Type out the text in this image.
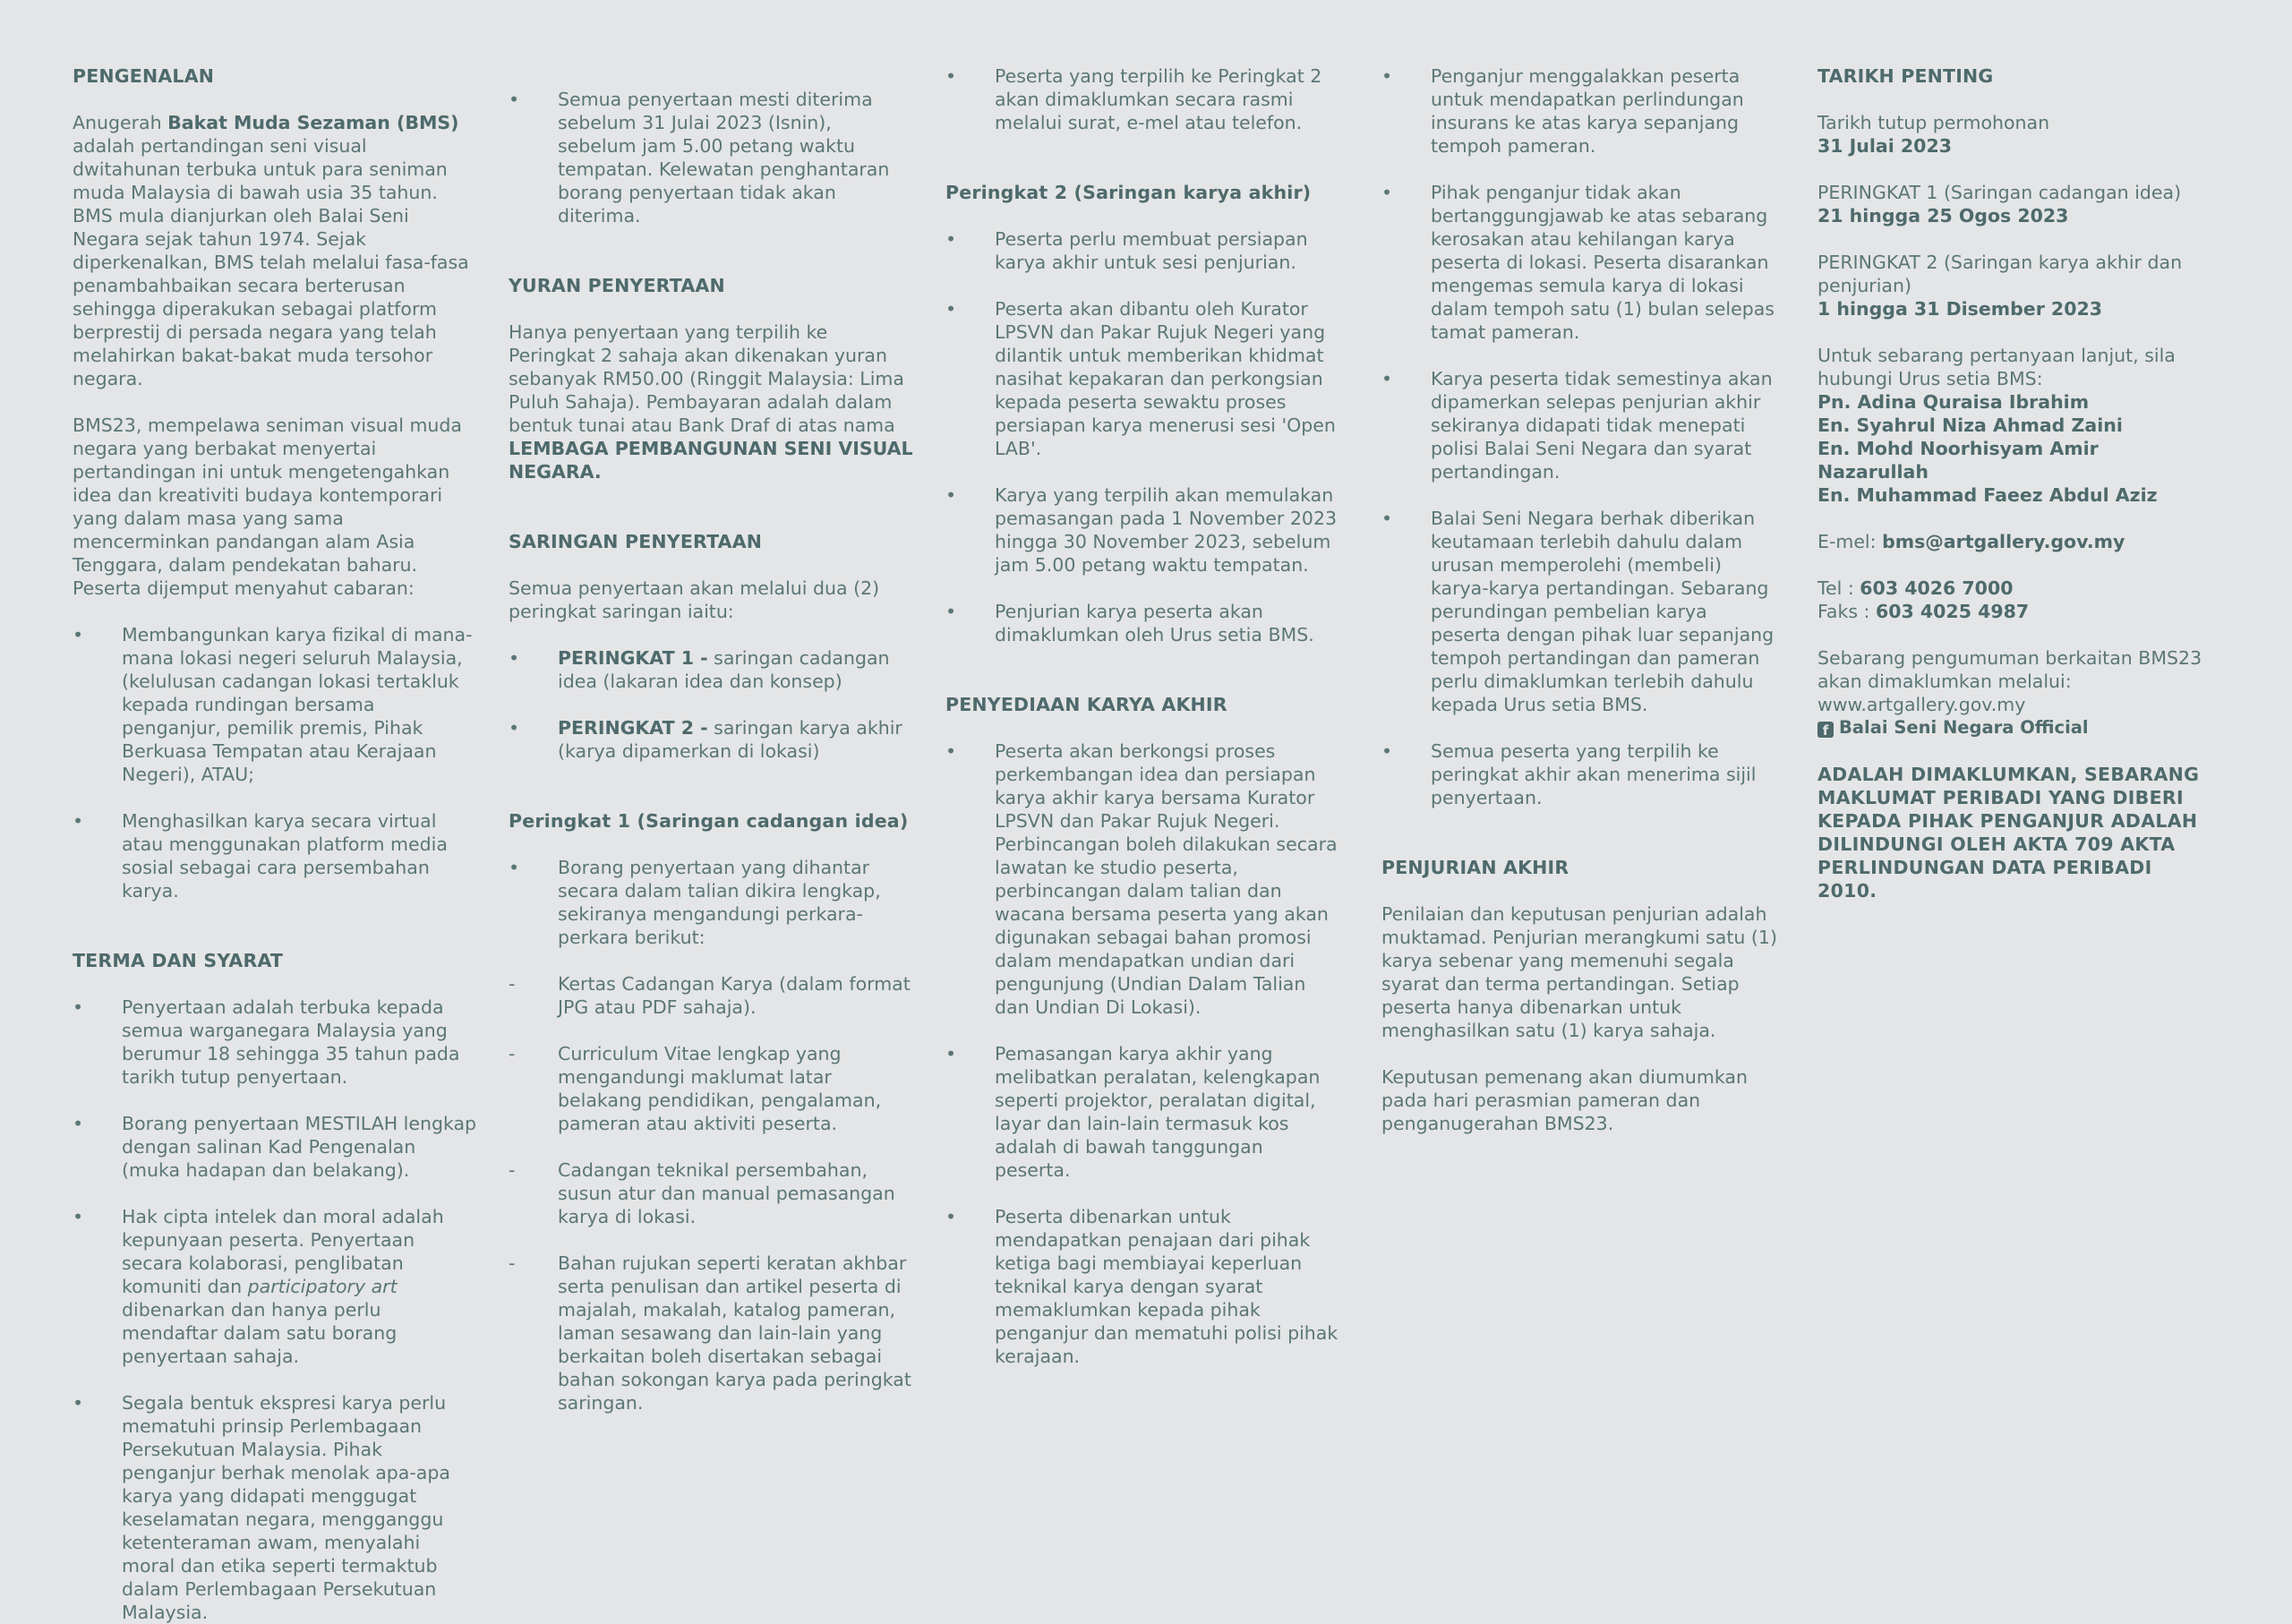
PENGENALAN

Anugerah Bakat Muda Sezaman (BMS) adalah pertandingan seni visual dwitahunan terbuka untuk para seniman muda Malaysia di bawah usia 35 tahun. BMS mula dianjurkan oleh Balai Seni Negara sejak tahun 1974. Sejak diperkenalkan, BMS telah melalui fasa-fasa penambahbaikan secara berterusan sehingga diperakukan sebagai platform berprestij di persada negara yang telah melahirkan bakat-bakat muda tersohor negara.

BMS23, mempelawa seniman visual muda negara yang berbakat menyertai pertandingan ini untuk mengetengahkan idea dan kreativiti budaya kontemporari yang dalam masa yang sama mencerminkan pandangan alam Asia Tenggara, dalam pendekatan baharu. Peserta dijemput menyahut cabaran:

•	Membangunkan karya fizikal di mana-mana lokasi negeri seluruh Malaysia, (kelulusan cadangan lokasi tertakluk kepada rundingan bersama penganjur, pemilik premis, Pihak Berkuasa Tempatan atau Kerajaan Negeri), ATAU;
•	Menghasilkan karya secara virtual atau menggunakan platform media sosial sebagai cara persembahan karya.
TERMA DAN SYARAT
•	Penyertaan adalah terbuka kepada semua warganegara Malaysia yang berumur 18 sehingga 35 tahun pada tarikh tutup penyertaan.
•	Borang penyertaan MESTILAH lengkap dengan salinan Kad Pengenalan (muka hadapan dan belakang).
•	Hak cipta intelek dan moral adalah kepunyaan peserta. Penyertaan secara kolaborasi, penglibatan komuniti dan participatory art dibenarkan dan hanya perlu mendaftar dalam satu borang penyertaan sahaja.
•	Segala bentuk ekspresi karya perlu mematuhi prinsip Perlembagaan Persekutuan Malaysia. Pihak penganjur berhak menolak apa-apa karya yang didapati menggugat keselamatan negara, mengganggu ketenteraman awam, menyalahi moral dan etika seperti termaktub dalam Perlembagaan Persekutuan Malaysia.
•	Semua penyertaan mesti diterima sebelum 31 Julai 2023 (Isnin), sebelum jam 5.00 petang waktu tempatan. Kelewatan penghantaran borang penyertaan tidak akan diterima.
YURAN PENYERTAAN

Hanya penyertaan yang terpilih ke Peringkat 2 sahaja akan dikenakan yuran sebanyak RM50.00 (Ringgit Malaysia: Lima Puluh Sahaja). Pembayaran adalah dalam bentuk tunai atau Bank Draf di atas nama LEMBAGA PEMBANGUNAN SENI VISUAL NEGARA.

SARINGAN PENYERTAAN

Semua penyertaan akan melalui dua (2) peringkat saringan iaitu:

•	PERINGKAT 1 - saringan cadangan idea (lakaran idea dan konsep)
•	PERINGKAT 2 - saringan karya akhir (karya dipamerkan di lokasi)
Peringkat 1 (Saringan cadangan idea)
•	Borang penyertaan yang dihantar secara dalam talian dikira lengkap, sekiranya mengandungi perkara-perkara berikut:
-	Kertas Cadangan Karya (dalam format JPG atau PDF sahaja).
-	Curriculum Vitae lengkap yang mengandungi maklumat latar belakang pendidikan, pengalaman, pameran atau aktiviti peserta.
-	Cadangan teknikal persembahan, susun atur dan manual pemasangan karya di lokasi.
-	Bahan rujukan seperti keratan akhbar serta penulisan dan artikel peserta di majalah, makalah, katalog pameran, laman sesawang dan lain-lain yang berkaitan boleh disertakan sebagai bahan sokongan karya pada peringkat saringan.
•	Peserta yang terpilih ke Peringkat 2 akan dimaklumkan secara rasmi melalui surat, e-mel atau telefon.
Peringkat 2 (Saringan karya akhir)
•	Peserta perlu membuat persiapan karya akhir untuk sesi penjurian.
•	Peserta akan dibantu oleh Kurator LPSVN dan Pakar Rujuk Negeri yang dilantik untuk memberikan khidmat nasihat kepakaran dan perkongsian kepada peserta sewaktu proses persiapan karya menerusi sesi 'Open LAB'.
•	Karya yang terpilih akan memulakan pemasangan pada 1 November 2023 hingga 30 November 2023, sebelum jam 5.00 petang waktu tempatan.
•	Penjurian karya peserta akan dimaklumkan oleh Urus setia BMS.
PENYEDIAAN KARYA AKHIR
•	Peserta akan berkongsi proses perkembangan idea dan persiapan karya akhir karya bersama Kurator LPSVN dan Pakar Rujuk Negeri. Perbincangan boleh dilakukan secara lawatan ke studio peserta, perbincangan dalam talian dan wacana bersama peserta yang akan digunakan sebagai bahan promosi dalam mendapatkan undian dari pengunjung (Undian Dalam Talian dan Undian Di Lokasi).
•	Pemasangan karya akhir yang melibatkan peralatan, kelengkapan seperti projektor, peralatan digital, layar dan lain-lain termasuk kos adalah di bawah tanggungan peserta.
•	Peserta dibenarkan untuk mendapatkan penajaan dari pihak ketiga bagi membiayai keperluan teknikal karya dengan syarat memaklumkan kepada pihak penganjur dan mematuhi polisi pihak kerajaan.
•	Penganjur menggalakkan peserta untuk mendapatkan perlindungan insurans ke atas karya sepanjang tempoh pameran.
•	Pihak penganjur tidak akan bertanggungjawab ke atas sebarang kerosakan atau kehilangan karya peserta di lokasi. Peserta disarankan mengemas semula karya di lokasi dalam tempoh satu (1) bulan selepas tamat pameran.
•	Karya peserta tidak semestinya akan dipamerkan selepas penjurian akhir sekiranya didapati tidak menepati polisi Balai Seni Negara dan syarat pertandingan.
•	Balai Seni Negara berhak diberikan keutamaan terlebih dahulu dalam urusan memperolehi (membeli) karya-karya pertandingan. Sebarang perundingan pembelian karya peserta dengan pihak luar sepanjang tempoh pertandingan dan pameran perlu dimaklumkan terlebih dahulu kepada Urus setia BMS.
•	Semua peserta yang terpilih ke peringkat akhir akan menerima sijil penyertaan.
PENJURIAN AKHIR

Penilaian dan keputusan penjurian adalah muktamad. Penjurian merangkumi satu (1) karya sebenar yang memenuhi segala syarat dan terma pertandingan. Setiap peserta hanya dibenarkan untuk menghasilkan satu (1) karya sahaja.

Keputusan pemenang akan diumumkan pada hari perasmian pameran dan penganugerahan BMS23.

TARIKH PENTING
Tarikh tutup permohonan
31 Julai 2023
PERINGKAT 1 (Saringan cadangan idea)
21 hingga 25 Ogos 2023
PERINGKAT 2 (Saringan karya akhir dan penjurian)
1 hingga 31 Disember 2023
Untuk sebarang pertanyaan lanjut, sila hubungi Urus setia BMS:
Pn. Adina Quraisa Ibrahim
En. Syahrul Niza Ahmad Zaini
En. Mohd Noorhisyam Amir Nazarullah
En. Muhammad Faeez Abdul Aziz
E-mel: bms@artgallery.gov.my
Tel : 603 4026 7000
Faks : 603 4025 4987
Sebarang pengumuman berkaitan BMS23 akan dimaklumkan melalui:
www.artgallery.gov.my
f Balai Seni Negara Official
ADALAH DIMAKLUMKAN, SEBARANG MAKLUMAT PERIBADI YANG DIBERI KEPADA PIHAK PENGANJUR ADALAH DILINDUNGI OLEH AKTA 709 AKTA PERLINDUNGAN DATA PERIBADI 2010.
